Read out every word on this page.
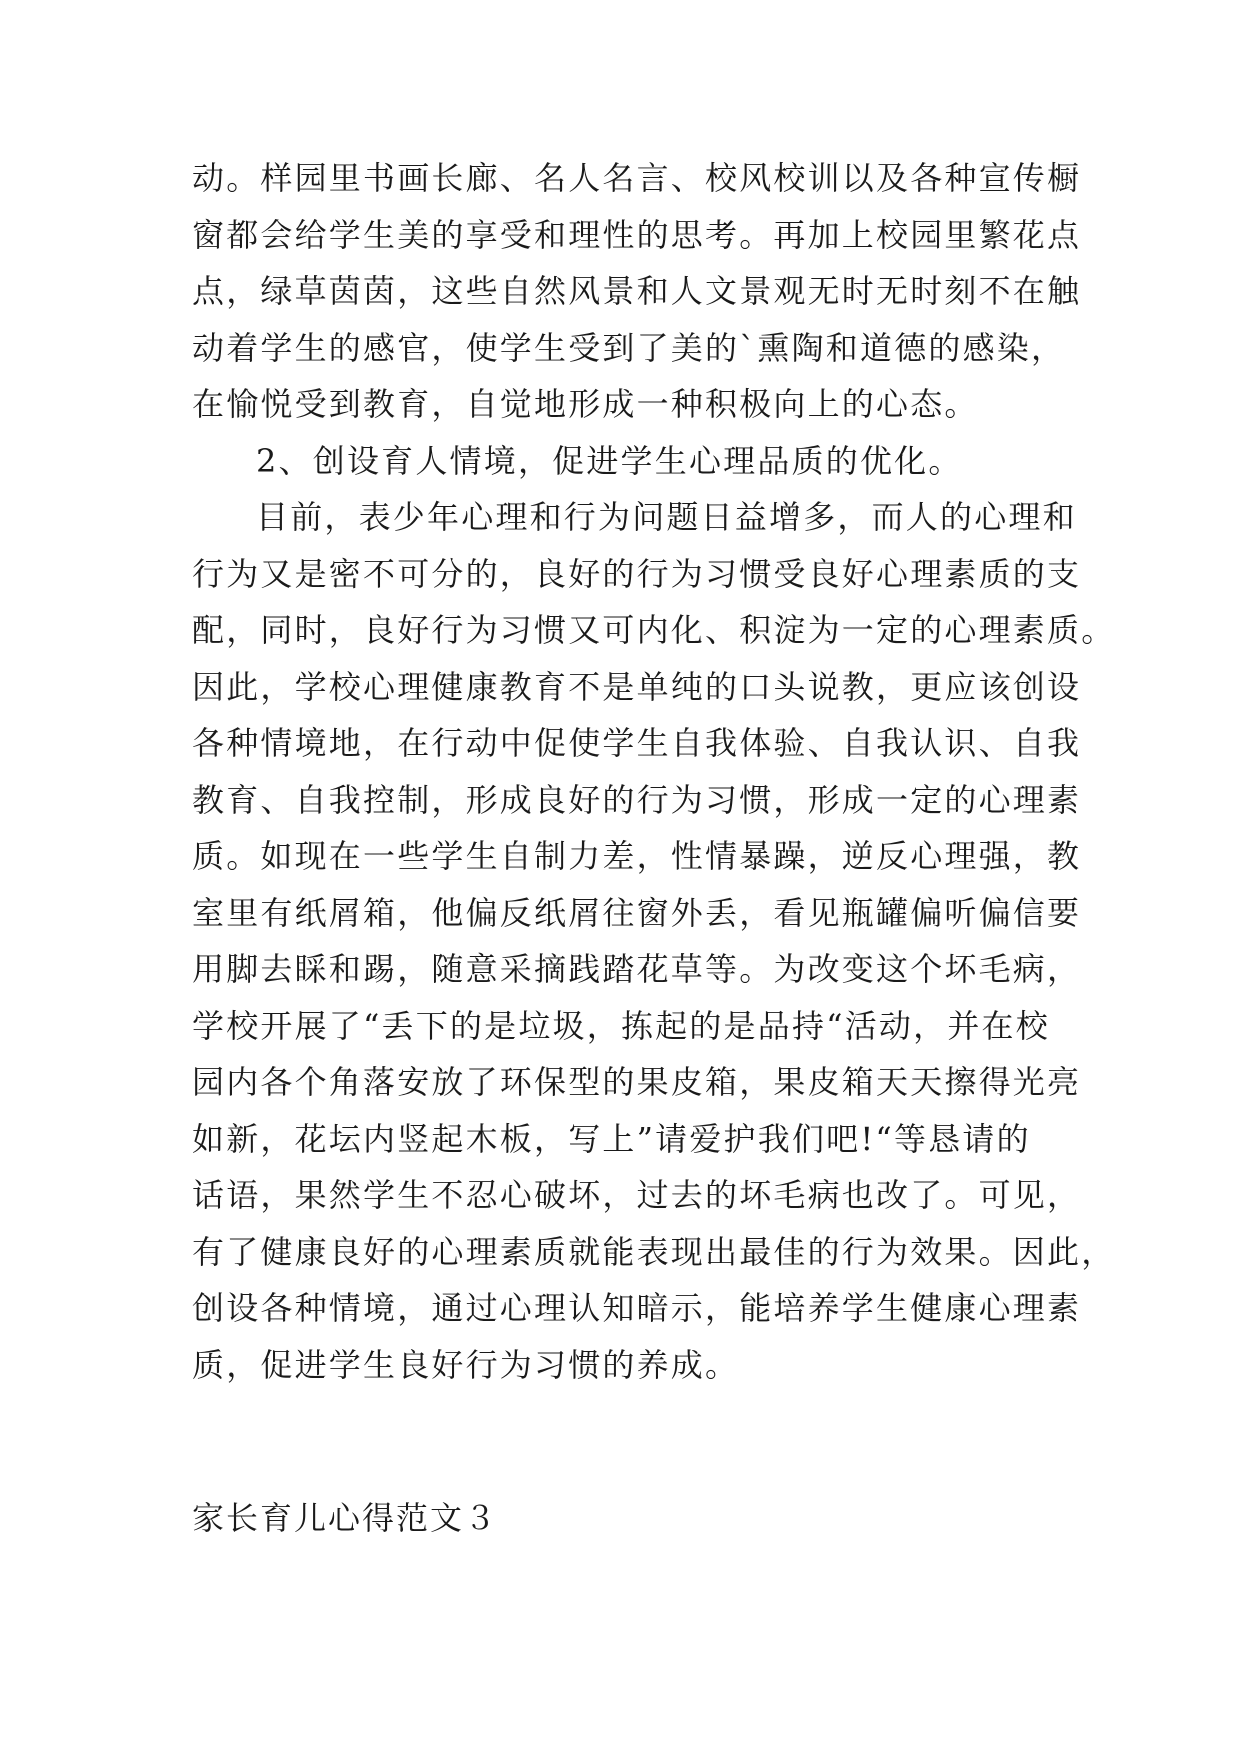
动。样园里书画长廊、名人名言、校风校训以及各种宣传橱
窗都会给学生美的享受和理性的思考。再加上校园里繁花点
点，绿草茵茵，这些自然风景和人文景观无时无时刻不在触
动着学生的感官，使学生受到了美的`熏陶和道德的感染，
在愉悦受到教育，自觉地形成一种积极向上的心态。
2、创设育人情境，促进学生心理品质的优化。
目前，表少年心理和行为问题日益增多，而人的心理和
行为又是密不可分的，良好的行为习惯受良好心理素质的支
配，同时，良好行为习惯又可内化、积淀为一定的心理素质。
因此，学校心理健康教育不是单纯的口头说教，更应该创设
各种情境地，在行动中促使学生自我体验、自我认识、自我
教育、自我控制，形成良好的行为习惯，形成一定的心理素
质。如现在一些学生自制力差，性情暴躁，逆反心理强，教
室里有纸屑箱，他偏反纸屑往窗外丢，看见瓶罐偏听偏信要
用脚去睬和踢，随意采摘践踏花草等。为改变这个坏毛病，
学校开展了“丢下的是垃圾，拣起的是品持“活动，并在校
园内各个角落安放了环保型的果皮箱，果皮箱天天擦得光亮
如新，花坛内竖起木板，写上”请爱护我们吧!“等恳请的
话语，果然学生不忍心破坏，过去的坏毛病也改了。可见，
有了健康良好的心理素质就能表现出最佳的行为效果。因此，
创设各种情境，通过心理认知暗示，能培养学生健康心理素
质，促进学生良好行为习惯的养成。
家长育儿心得范文３
